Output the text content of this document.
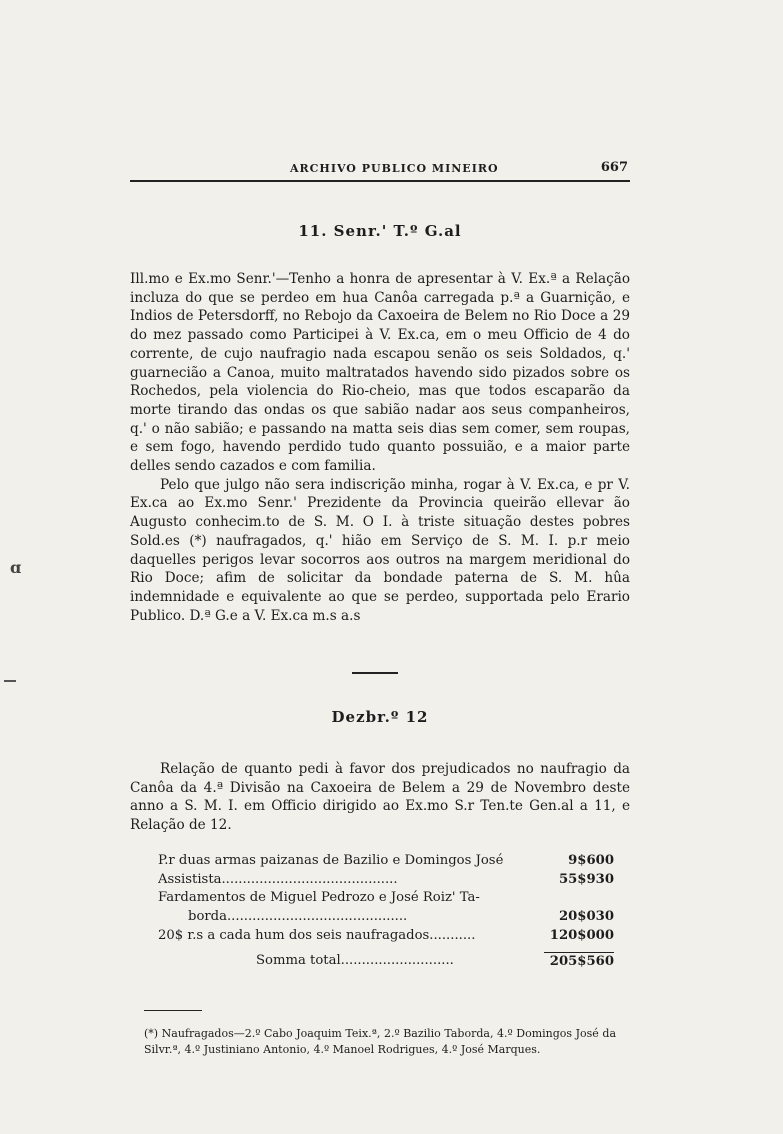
ARCHIVO PUBLICO MINEIRO	667
11. Senr.' T.º G.al

Ill.mo e Ex.mo Senr.'—Tenho a honra de apresentar à V. Ex.ª a Relação incluza do que se perdeo em hua Canôa carregada p.ª a Guarnição, e Indios de Petersdorff, no Rebojo da Caxoeira de Belem no Rio Doce a 29 do mez passado como Participei à V. Ex.ca, em o meu Officio de 4 do corrente, de cujo naufragio nada escapou senão os seis Soldados, q.' guarnecião a Canoa, muito maltratados havendo sido pizados sobre os Rochedos, pela violencia do Rio-cheio, mas que todos escaparão da morte tirando das ondas os que sabião nadar aos seus companheiros, q.' o não sabião; e passando na matta seis dias sem comer, sem roupas, e sem fogo, havendo perdido tudo quanto possuião, e a maior parte delles sendo cazados e com familia.

Pelo que julgo não sera indiscrição minha, rogar à V. Ex.ca, e pr V. Ex.ca ao Ex.mo Senr.' Prezidente da Provincia queirão ellevar ão Augusto conhecim.to de S. M. O I. à triste situação destes pobres Sold.es (*) naufragados, q.' hião em Serviço de S. M. I. p.r meio daquelles perigos levar socorros aos outros na margem meridional do Rio Doce; afim de solicitar da bondade paterna de S. M. hûa indemnidade e equivalente ao que se perdeo, supportada pelo Erario Publico. D.ª G.e a V. Ex.ca m.s a.s

ɑ
Dezbr.º 12

Relação de quanto pedi à favor dos prejudicados no naufragio da Canôa da 4.ª Divisão na Caxoeira de Belem a 29 de Novembro deste anno a S. M. I. em Officio dirigido ao Ex.mo S.r Ten.te Gen.al a 11, e Relação de 12.

P.r duas armas paizanas de Bazilio e Domingos José	9$600
Assistista..........................................	55$930
Fardamentos de Miguel Pedrozo e José Roiz' Ta-
borda...........................................	20$030
20$ r.s a cada hum dos seis naufragados...........	120$000
Somma total...........................	205$560
(*) Naufragados—2.º Cabo Joaquim Teix.ª, 2.º Bazilio Taborda, 4.º Domingos José da Silvr.ª, 4.º Justiniano Antonio, 4.º Manoel Rodrigues, 4.º José Marques.
